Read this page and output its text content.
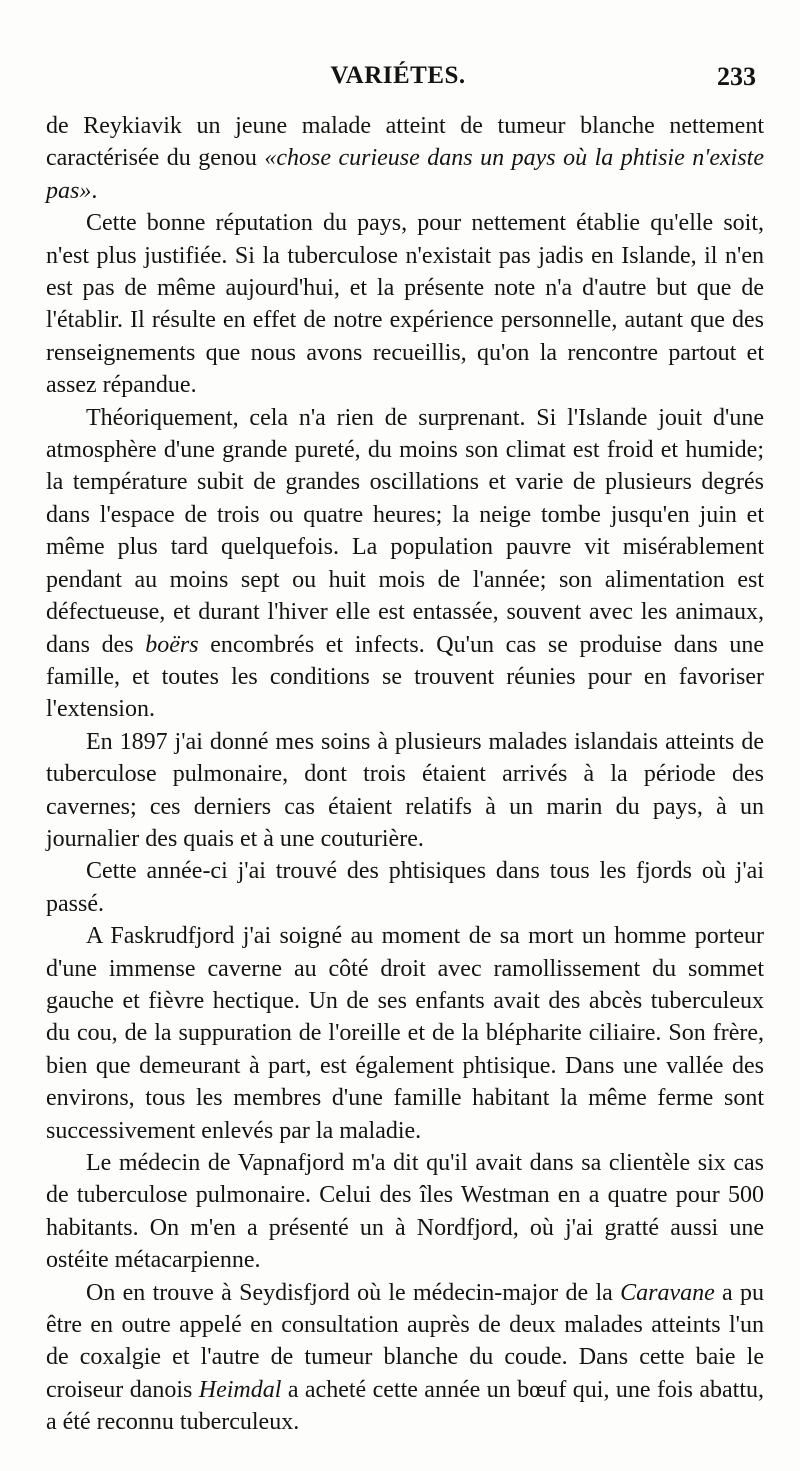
VARIÉTES.	233

de Reykiavik un jeune malade atteint de tumeur blanche nettement caractérisée du genou «chose curieuse dans un pays où la phtisie n'existe pas».

Cette bonne réputation du pays, pour nettement établie qu'elle soit, n'est plus justifiée. Si la tuberculose n'existait pas jadis en Islande, il n'en est pas de même aujourd'hui, et la présente note n'a d'autre but que de l'établir. Il résulte en effet de notre expérience personnelle, autant que des renseignements que nous avons recueillis, qu'on la rencontre partout et assez répandue.

Théoriquement, cela n'a rien de surprenant. Si l'Islande jouit d'une atmosphère d'une grande pureté, du moins son climat est froid et humide; la température subit de grandes oscillations et varie de plusieurs degrés dans l'espace de trois ou quatre heures; la neige tombe jusqu'en juin et même plus tard quelquefois. La population pauvre vit misérablement pendant au moins sept ou huit mois de l'année; son alimentation est défectueuse, et durant l'hiver elle est entassée, souvent avec les animaux, dans des boërs encombrés et infects. Qu'un cas se produise dans une famille, et toutes les conditions se trouvent réunies pour en favoriser l'extension.

En 1897 j'ai donné mes soins à plusieurs malades islandais atteints de tuberculose pulmonaire, dont trois étaient arrivés à la période des cavernes; ces derniers cas étaient relatifs à un marin du pays, à un journalier des quais et à une couturière.

Cette année-ci j'ai trouvé des phtisiques dans tous les fjords où j'ai passé.

A Faskrudfjord j'ai soigné au moment de sa mort un homme porteur d'une immense caverne au côté droit avec ramollissement du sommet gauche et fièvre hectique. Un de ses enfants avait des abcès tuberculeux du cou, de la suppuration de l'oreille et de la blépharite ciliaire. Son frère, bien que demeurant à part, est également phtisique. Dans une vallée des environs, tous les membres d'une famille habitant la même ferme sont successivement enlevés par la maladie.

Le médecin de Vapnafjord m'a dit qu'il avait dans sa clientèle six cas de tuberculose pulmonaire. Celui des îles Westman en a quatre pour 500 habitants. On m'en a présenté un à Nordfjord, où j'ai gratté aussi une ostéite métacarpienne.

On en trouve à Seydisfjord où le médecin-major de la Caravane a pu être en outre appelé en consultation auprès de deux malades atteints l'un de coxalgie et l'autre de tumeur blanche du coude. Dans cette baie le croiseur danois Heimdal a acheté cette année un bœuf qui, une fois abattu, a été reconnu tuberculeux.
